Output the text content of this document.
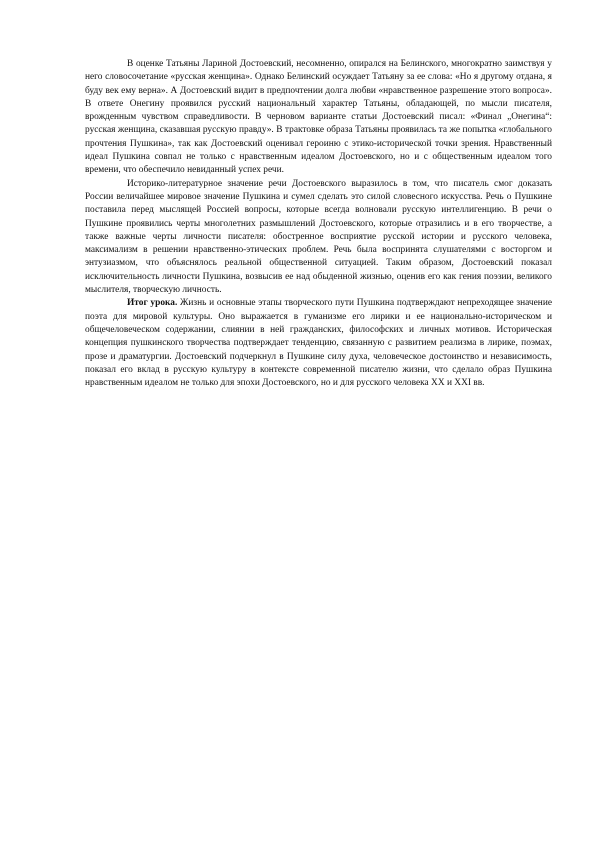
В оценке Татьяны Лариной Достоевский, несомненно, опирался на Белинского, многократно заимствуя у него словосочетание «русская женщина». Однако Белинский осуждает Татьяну за ее слова: «Но я другому отдана, я буду век ему верна». А Достоевский видит в предпочтении долга любви «нравственное разрешение этого вопроса». В ответе Онегину проявился русский национальный характер Татьяны, обладающей, по мысли писателя, врожденным чувством справедливости. В черновом варианте статьи Достоевский писал: «Финал „Онегина“: русская женщина, сказавшая русскую правду». В трактовке образа Татьяны проявилась та же попытка «глобального прочтения Пушкина», так как Достоевский оценивал героиню с этико-исторической точки зрения. Нравственный идеал Пушкина совпал не только с нравственным идеалом Достоевского, но и с общественным идеалом того времени, что обеспечило невиданный успех речи.

Историко-литературное значение речи Достоевского выразилось в том, что писатель смог доказать России величайшее мировое значение Пушкина и сумел сделать это силой словесного искусства. Речь о Пушкине поставила перед мыслящей Россией вопросы, которые всегда волновали русскую интеллигенцию. В речи о Пушкине проявились черты многолетних размышлений Достоевского, которые отразились и в его творчестве, а также важные черты личности писателя: обостренное восприятие русской истории и русского человека, максимализм в решении нравственно-этических проблем. Речь была воспринята слушателями с восторгом и энтузиазмом, что объяснялось реальной общественной ситуацией. Таким образом, Достоевский показал исключительность личности Пушкина, возвысив ее над обыденной жизнью, оценив его как гения поэзии, великого мыслителя, творческую личность.

Итог урока. Жизнь и основные этапы творческого пути Пушкина подтверждают непреходящее значение поэта для мировой культуры. Оно выражается в гуманизме его лирики и ее национально-историческом и общечеловеческом содержании, слиянии в ней гражданских, философских и личных мотивов. Историческая концепция пушкинского творчества подтверждает тенденцию, связанную с развитием реализма в лирике, поэмах, прозе и драматургии. Достоевский подчеркнул в Пушкине силу духа, человеческое достоинство и независимость, показал его вклад в русскую культуру в контексте современной писателю жизни, что сделало образ Пушкина нравственным идеалом не только для эпохи Достоевского, но и для русского человека XX и XXI вв.
